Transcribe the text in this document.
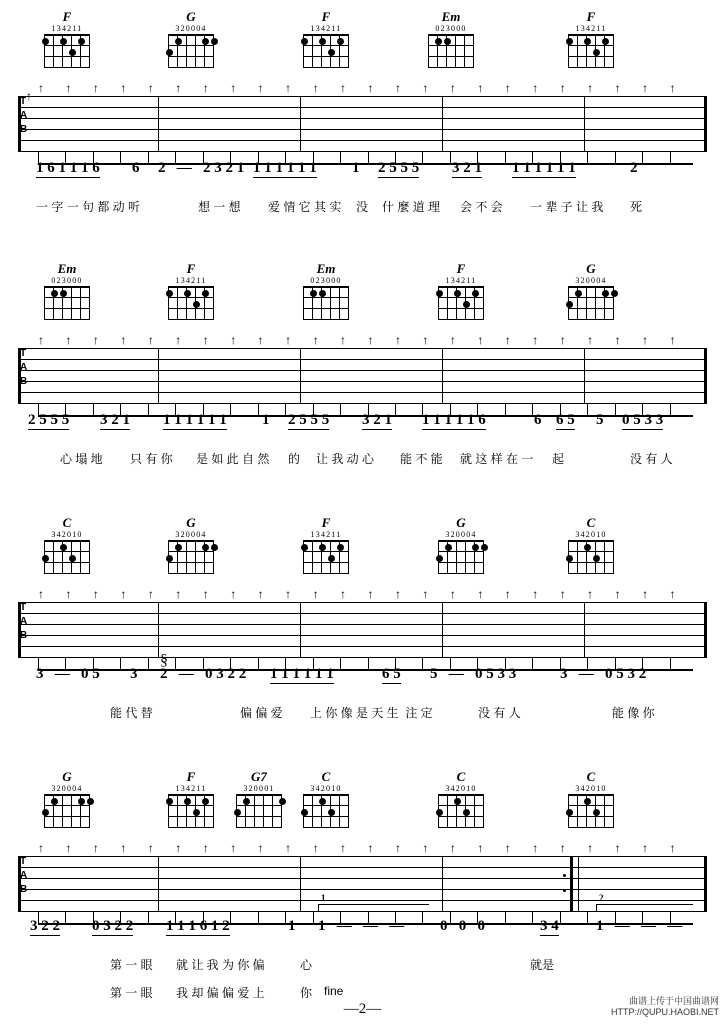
F
134211
G
320004
F
134211
Em
023000
F
134211
↑ ↑ ↑ ↑ ↑ ↑ ↑ ↑ ↑ ↑ ↑ ↑ ↑ ↑ ↑ ↑ ↑ ↑ ↑ ↑ ↑ ↑ ↑ ↑
T
A
B
↑
1 6 1 1 1 6 6 2   —   2 3 2 1 1 1 1 1 1 1 1 2 5 5 5 3 2 1 1 1 1 1 1 1	2
一 字 一 句 都 动 听	想 一 想 爱 情 它 其 实 没 什 麼 道 理 会 不 会 一 辈 子 让 我 死
Em
023000
F
134211
Em
023000
F
134211
G
320004
↑ ↑ ↑ ↑ ↑ ↑ ↑ ↑ ↑ ↑ ↑ ↑ ↑ ↑ ↑ ↑ ↑ ↑ ↑ ↑ ↑ ↑ ↑ ↑
T
A
B
2 5 5 5 3 2 1 1 1 1 1 1 1 1 2 5 5 5 3 2 1 1 1 1 1 1 6	6 6 5 5 0 5 3 3
心 塌 地 只 有 你 是 如 此 自 然 的 让 我 动 心 能 不 能 就 这 样 在 一 起	没 有 人
C
342010
G
320004
F
134211
G
320004
C
342010
↑ ↑ ↑ ↑ ↑ ↑ ↑ ↑ ↑ ↑ ↑ ↑ ↑ ↑ ↑ ↑ ↑ ↑ ↑ ↑ ↑ ↑ ↑ ↑
T
A
B
§
3   —   0 5 3 2   —   0 3 2 2 1 1 1 1 1 1	6 5 5   —   0 5 3 3	3   —   0 5 3 2
能 代 替	偏 偏 爱 上 你 像 是 天 生  注 定	没 有 人	能 像 你
G
320004
F
134211
G7
320001
C
342010
C
342010
C
342010
↑ ↑ ↑ ↑ ↑ ↑ ↑ ↑ ↑ ↑ ↑ ↑ ↑ ↑ ↑ ↑ ↑ ↑ ↑ ↑ ↑ ↑ ↑ ↑
T
A
B
1	2
3 2 2 0 3 2 2 1 1 1 6 1 2	1 1   —   —   — 0   0   0	3 4 1   —   —   —
第 一 眼 就 让 我 为 你 偏	心	就是
第 一 眼 我 却 偏 偏 爱 上	你 fine
—2—	曲谱上传于中国曲谱网
HTTP://QUPU.HAOBI.NET
